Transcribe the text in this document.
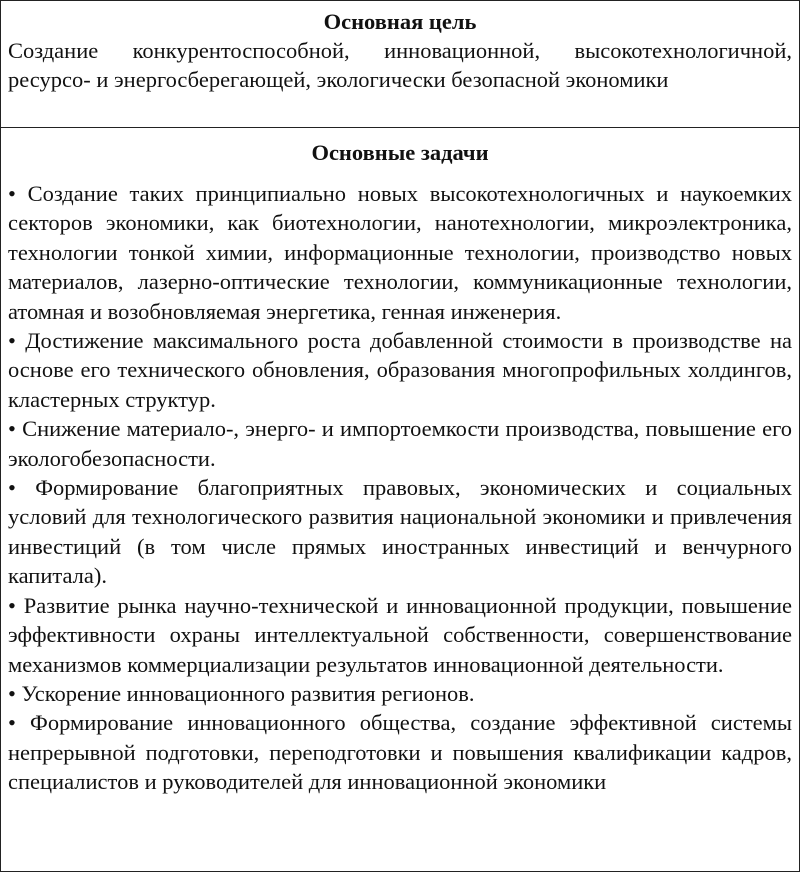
Основная цель
Создание конкурентоспособной, инновационной, высокотехнологичной, ресурсо- и энергосберегающей, экологически безопасной экономики
Основные задачи

• Создание таких принципиально новых высокотехнологичных и наукоемких секторов экономики, как биотехнологии, нанотехнологии, микроэлектроника, технологии тонкой химии, информационные технологии, производство новых материалов, лазерно-оптические технологии, коммуникационные технологии, атомная и возобновляемая энергетика, генная инженерия.

• Достижение максимального роста добавленной стоимости в производстве на основе его технического обновления, образования многопрофильных холдингов, кластерных структур.

• Снижение материало-, энерго- и импортоемкости производства, повышение его экологобезопасности.

• Формирование благоприятных правовых, экономических и социальных условий для технологического развития национальной экономики и привлечения инвестиций (в том числе прямых иностранных инвестиций и венчурного капитала).

• Развитие рынка научно-технической и инновационной продукции, повышение эффективности охраны интеллектуальной собственности, совершенствование механизмов коммерциализации результатов инновационной деятельности.

• Ускорение инновационного развития регионов.

• Формирование инновационного общества, создание эффективной системы непрерывной подготовки, переподготовки и повышения квалификации кадров, специалистов и руководителей для инновационной экономики
